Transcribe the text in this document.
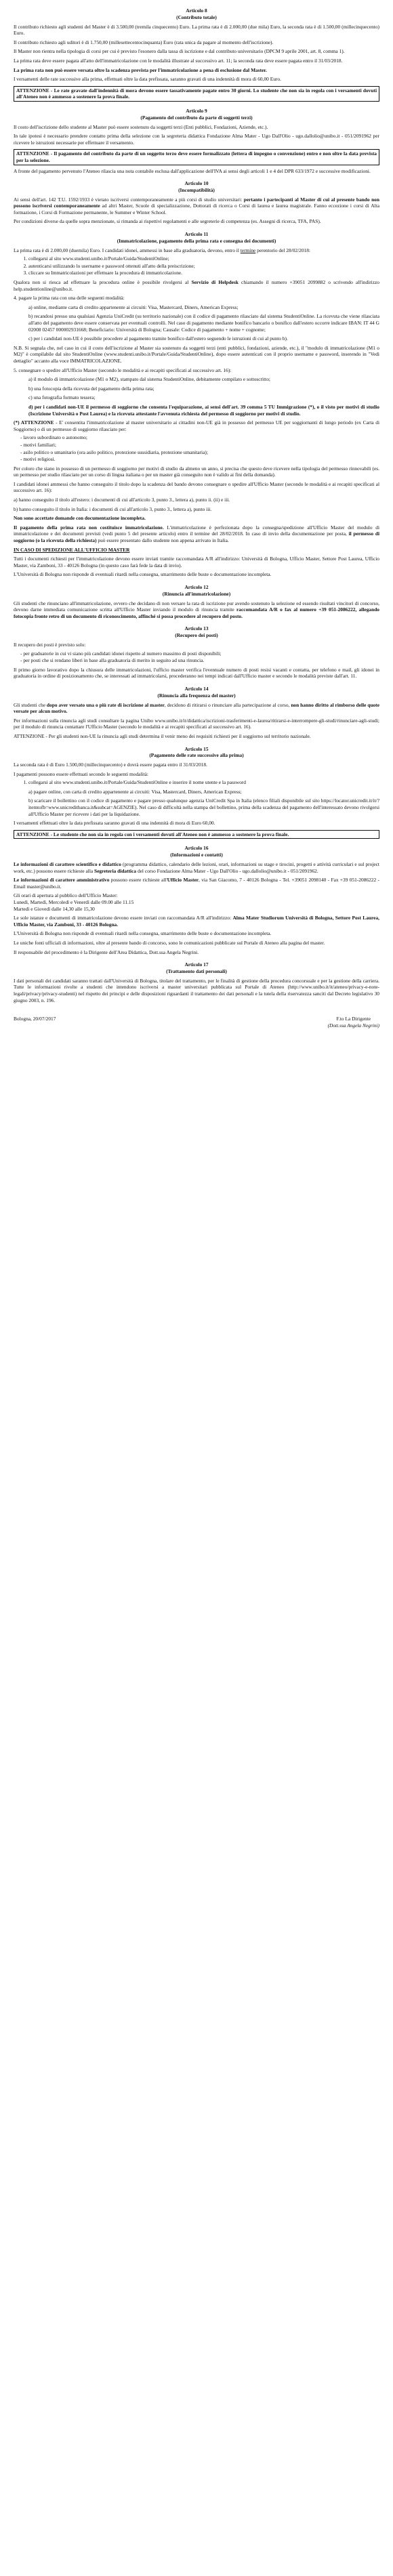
Articolo 8
(Contributo totale)

Il contributo richiesto agli studenti del Master è di 3.500,00 (tremila cinquecento) Euro. La prima rata è di 2.000,00 (due mila) Euro, la seconda rata è di 1.500,00 (millecinquecento) Euro.

Il contributo richiesto agli uditori è di 1.750,00 (millesettecentocinquanta) Euro (rata unica da pagare al momento dell'iscrizione).

Il Master non rientra nella tipologia di corsi per cui è previsto l'esonero dalla tassa di iscrizione e dal contributo universitario (DPCM 9 aprile 2001, art. 8, comma 1).

La prima rata deve essere pagata all'atto dell'immatricolazione con le modalità illustrate al successivo art. 11; la seconda rata deve essere pagata entro il 31/03/2018.

La prima rata non può essere versata oltre la scadenza prevista per l'immatricolazione a pena di esclusione dal Master.

I versamenti delle rate successive alla prima, effettuati oltre la data prefissata, saranno gravati di una indennità di mora di 60,00 Euro.

ATTENZIONE - Le rate gravate dall'indennità di mora devono essere tassativamente pagate entro 30 giorni. Lo studente che non sia in regola con i versamenti dovuti all'Ateneo non è ammesso a sostenere la prova finale.
Articolo 9
(Pagamento del contributo da parte di soggetti terzi)

Il costo dell'iscrizione dello studente al Master può essere sostenuto da soggetti terzi (Enti pubblici, Fondazioni, Aziende, etc.).

In tale ipotesi è necessario prendere contatto prima della selezione con la segreteria didattica Fondazione Alma Mater - Ugo Dall'Olio - ugo.dallolio@unibo.it - 051/2091962 per ricevere le istruzioni necessarie per effettuare il versamento.

ATTENZIONE - Il pagamento del contributo da parte di un soggetto terzo deve essere formalizzato (lettera di impegno o convenzione) entro e non oltre la data prevista per la selezione.

A fronte del pagamento pervenuto l'Ateneo rilascia una nota contabile esclusa dall'applicazione dell'IVA ai sensi degli articoli 1 e 4 del DPR 633/1972 e successive modificazioni.

Articolo 10
(Incompatibilità)

Ai sensi dell'art. 142 T.U. 1592/1933 è vietato iscriversi contemporaneamente a più corsi di studio universitari: pertanto i partecipanti al Master di cui al presente bando non possono iscriversi contemporaneamente ad altri Master, Scuole di specializzazione, Dottorati di ricerca o Corsi di laurea e laurea magistrale. Fanno eccezione i corsi di Alta formazione, i Corsi di Formazione permanente, le Summer e Winter School.

Per condizioni diverse da quelle sopra menzionate, si rimanda ai rispettivi regolamenti e alle segreterie di competenza (es. Assegni di ricerca, TFA, PAS).

Articolo 11
(Immatricolazione, pagamento della prima rata e consegna dei documenti)

La prima rata è di 2.000,00 (duemila) Euro. I candidati idonei, ammessi in base alla graduatoria, devono, entro il termine perentorio del 28/02/2018:

1. collegarsi al sito www.studenti.unibo.it/Portale/Guida/StudentiOnline;
2. autenticarsi utilizzando lo username e password ottenuti all'atto della preiscrizione;
3. cliccare su Immatricolazioni per effettuare la procedura di immatricolazione.

Qualora non si riesca ad effettuare la procedura online è possibile rivolgersi al Servizio di Helpdesk chiamando il numero +39051 2099882 o scrivendo all'indirizzo help.studentionline@unibo.it.

4. pagare la prima rata con una delle seguenti modalità:

a) online, mediante carta di credito appartenente ai circuiti: Visa, Mastercard, Diners, American Express;

b) recandosi presso una qualsiasi Agenzia UniCredit (su territorio nazionale) con il codice di pagamento rilasciato dal sistema StudentiOnline. La ricevuta che viene rilasciata all'atto del pagamento deve essere conservata per eventuali controlli. Nel caso di pagamento mediante bonifico bancario o bonifico dall'estero occorre indicare IBAN: IT 44 G 02008 02457 000002931668; Beneficiario: Università di Bologna; Causale: Codice di pagamento + nome + cognome;

c) per i candidati non-UE è possibile procedere al pagamento tramite bonifico dall'estero seguendo le istruzioni di cui al punto b).

N.B. Si segnala che, nel caso in cui il costo dell'iscrizione al Master sia sostenuto da soggetti terzi (enti pubblici, fondazioni, aziende, etc.), il "modulo di immatricolazione (M1 o M2)" è compilabile dal sito StudentiOnline (www.studenti.unibo.it/Portale/Guida/StudentiOnline), dopo essere autenticati con il proprio username e password, inserendo in "Vedi dettaglio" accanto alla voce IMMATRICOLAZIONE.

5. consegnare o spedire all'Ufficio Master (secondo le modalità e ai recapiti specificati al successivo art. 16):

a) il modulo di immatricolazione (M1 o M2), stampato dal sistema StudentiOnline, debitamente compilato e sottoscritto;

b) una fotocopia della ricevuta del pagamento della prima rata;

c) una fotografia formato tessera;

d) per i candidati non-UE il permesso di soggiorno che consenta l'equiparazione, ai sensi dell'art. 39 comma 5 TU Immigrazione (*), o il visto per motivi di studio (Iscrizione Università o Post Laurea) e la ricevuta attestante l'avvenuta richiesta del permesso di soggiorno per motivi di studio.

(*) ATTENZIONE - E' consentita l'immatricolazione al master universitario ai cittadini non-UE già in possesso del permesso UE per soggiornanti di lungo periodo (ex Carta di Soggiorno) o di un permesso di soggiorno rilasciato per:

- lavoro subordinato o autonomo;
- motivi familiari;
- asilo politico o umanitario (ora asilo politico, protezione sussidiaria, protezione umanitaria);
- motivi religiosi.

Per coloro che siano in possesso di un permesso di soggiorno per motivi di studio da almeno un anno, si precisa che questo deve ricevere nella tipologia del permesso rinnovabili (es. un permesso per studio rilasciato per un corso di lingua italiana o per un master già conseguito non è valido ai fini della domanda).

I candidati idonei ammessi che hanno conseguito il titolo dopo la scadenza del bando devono consegnare o spedire all'Ufficio Master (secondo le modalità e ai recapiti specificati al successivo art. 16):

a) hanno conseguito il titolo all'estero: i documenti di cui all'articolo 3, punto 3., lettera a), punto ii. (ii) e iii.

b) hanno conseguito il titolo in Italia: i documenti di cui all'articolo 3, punto 3., lettera a), punto iii.

Non sono accettate domande con documentazione incompleta.

Il pagamento della prima rata non costituisce immatricolazione. L'immatricolazione è perfezionata dopo la consegna/spedizione all'Ufficio Master del modulo di immatricolazione e dei documenti previsti (vedi punto 5 del presente articolo) entro il termine del 28/02/2018. In caso di invio della documentazione per posta, il permesso di soggiorno (o la ricevuta della richiesta) può essere presentato dallo studente non appena arrivato in Italia.

IN CASO DI SPEDIZIONE ALL'UFFICIO MASTER

Tutti i documenti richiesti per l'immatricolazione devono essere inviati tramite raccomandata A/R all'indirizzo: Università di Bologna, Ufficio Master, Settore Post Laurea, Ufficio Master, via Zamboni, 33 - 40126 Bologna (in questo caso farà fede la data di invio).

L'Università di Bologna non risponde di eventuali ritardi nella consegna, smarrimento delle buste o documentazione incompleta.

Articolo 12
(Rinuncia all'immatricolazione)

Gli studenti che rinunciano all'immatricolazione, ovvero che decidano di non versare la rata di iscrizione pur avendo sostenuto la selezione ed essendo risultati vincitori di concorso, devono darne immediata comunicazione scritta all'Ufficio Master inviando il modulo di rinuncia tramite raccomandata A/R o fax al numero +39 051-2086222, allegando fotocopia fronte retro di un documento di riconoscimento, affinché si possa procedere al recupero del posto.

Articolo 13
(Recupero dei posti)

Il recupero dei posti è previsto solo:

- per graduatorie in cui vi siano più candidati idonei rispetto al numero massimo di posti disponibili;
- per posti che si rendano liberi in base alla graduatoria di merito in seguito ad una rinuncia.

Il primo giorno lavorativo dopo la chiusura delle immatricolazioni, l'ufficio master verifica l'eventuale numero di posti resisi vacanti e contatta, per telefono e mail, gli idonei in graduatoria in ordine di posizionamento che, se interessati ad immatricolarsi, procederanno nei tempi indicati dall'Ufficio master e secondo le modalità previste dall'art. 11.

Articolo 14
(Rinuncia alla frequenza del master)

Gli studenti che dopo aver versato una o più rate di iscrizione al master, decidono di ritirarsi o rinunciare alla partecipazione al corso, non hanno diritto al rimborso delle quote versate per alcun motivo.

Per informazioni sulla rinuncia agli studi consultare la pagina Unibo www.unibo.it/it/didattica/iscrizioni-trasferimenti-e-laurea/ritirarsi-e-interrompere-gli-studi/rinunciare-agli-studi; per il modulo di rinuncia contattare l'Ufficio Master (secondo le modalità e ai recapiti specificati al successivo art. 16).

ATTENZIONE - Per gli studenti non-UE la rinuncia agli studi determina il venir meno dei requisiti richiesti per il soggiorno sul territorio nazionale.

Articolo 15
(Pagamento delle rate successive alla prima)

La seconda rata è di Euro 1.500,00 (millecinquecento) e dovrà essere pagata entro il 31/03/2018.

I pagamenti possono essere effettuati secondo le seguenti modalità:

1. collegarsi al sito www.studenti.unibo.it/Portale/Guida/StudentiOnline e inserire il nome utente e la password

a) pagare online, con carta di credito appartenente ai circuiti: Visa, Mastercard, Diners, American Express;

b) scaricare il bollettino con il codice di pagamento e pagare presso qualunque agenzia UniCredit Spa in Italia (elenco filiali disponibile sul sito https://locator.unicredit.it/it/?itemtofb=www.unicreditbanca.it&subcat=AGENZIE). Nel caso di difficoltà nella stampa del bollettino, prima della scadenza del pagamento dell'interessato devono rivolgersi all'Ufficio Master per ricevere i dati per la liquidazione.

I versamenti effettuati oltre la data prefissata saranno gravati di una indennità di mora di Euro 60,00.

ATTENZIONE - Le studente che non sia in regola con i versamenti dovuti all'Ateneo non è ammesso a sostenere la prova finale.
Articolo 16
(Informazioni e contatti)

Le informazioni di carattere scientifico e didattico (programma didattico, calendario delle lezioni, orari, informazioni su stage e tirocini, progetti e attività curriculari e sul project work, etc.) possono essere richieste alla Segreteria didattica del corso Fondazione Alma Mater - Ugo Dall'Olio - ugo.dallolio@unibo.it - 051/2091962.

Le informazioni di carattere amministrativo possono essere richieste all'Ufficio Master, via San Giacomo, 7 - 40126 Bologna - Tel. +39051 2098140 - Fax +39 051-2086222 - Email master@unibo.it.

Gli orari di apertura al pubblico dell'Ufficio Master:

Lunedì, Martedì, Mercoledì e Venerdì dalle 09.00 alle 11.15

Martedì e Giovedì dalle 14,30 alle 15,30

Le sole istanze e documenti di immatricolazione devono essere inviati con raccomandata A/R all'indirizzo: Alma Mater Studiorum Università di Bologna, Settore Post Laurea, Ufficio Master, via Zamboni, 33 - 40126 Bologna.

L'Università di Bologna non risponde di eventuali ritardi nella consegna, smarrimento delle buste o documentazione incompleta.

Le uniche fonti ufficiali di informazioni, oltre al presente bando di concorso, sono le comunicazioni pubblicate sul Portale di Ateneo alla pagina del master.

Il responsabile del procedimento è la Dirigente dell'Area Didattica, Dott.ssa Angela Negrini.

Articolo 17
(Trattamento dati personali)

I dati personali dei candidati saranno trattati dall'Università di Bologna, titolare del trattamento, per le finalità di gestione della procedura concorsuale e per la gestione della carriera. Tutte le informazioni rivolte a studenti che intendono iscriversi a master universitari pubblicata sul Portale di Ateneo (http://www.unibo.it/it/ateneo/privacy-e-note-legali/privacy/privacy-studenti) nel rispetto dei principi e delle disposizioni riguardanti il trattamento dei dati personali e la tutela della riservatezza sanciti dal Decreto legislativo 30 giugno 2003, n. 196.

Bologna, 20/07/2017	F.to La Dirigente
(Dott.ssa Angela Negrini)
